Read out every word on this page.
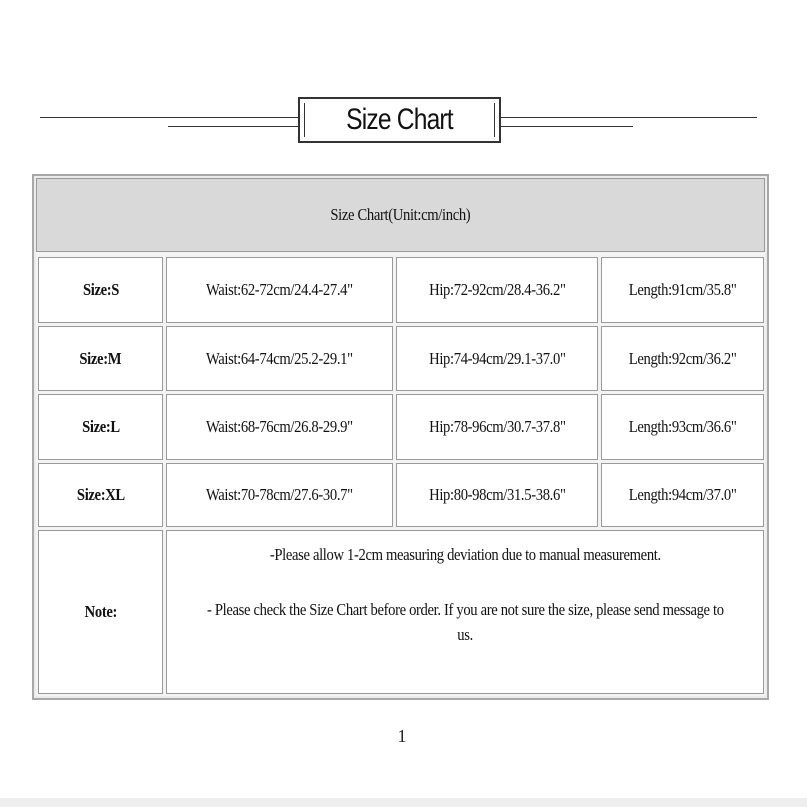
Size Chart
Size Chart(Unit:cm/inch)
Size:S	Waist:62-72cm/24.4-27.4"	Hip:72-92cm/28.4-36.2"	Length:91cm/35.8"
Size:M	Waist:64-74cm/25.2-29.1"	Hip:74-94cm/29.1-37.0"	Length:92cm/36.2"
Size:L	Waist:68-76cm/26.8-29.9"	Hip:78-96cm/30.7-37.8"	Length:93cm/36.6"
Size:XL	Waist:70-78cm/27.6-30.7"	Hip:80-98cm/31.5-38.6"	Length:94cm/37.0"
Note:
-Please allow 1-2cm measuring deviation due to manual measurement.
- Please check the Size Chart before order. If you are not sure the size, please send message to
us.
1
